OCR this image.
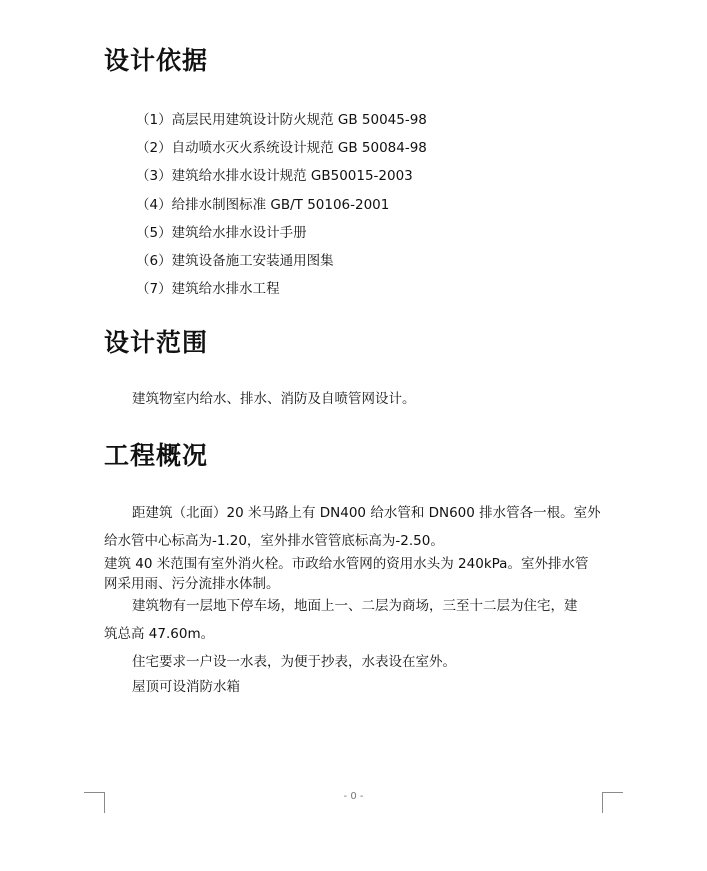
设计依据
（1）高层民用建筑设计防火规范 GB 50045-98
（2）自动喷水灭火系统设计规范 GB 50084-98
（3）建筑给水排水设计规范 GB50015-2003
（4）给排水制图标准 GB/T 50106-2001
（5）建筑给水排水设计手册
（6）建筑设备施工安装通用图集
（7）建筑给水排水工程
设计范围

建筑物室内给水、排水、消防及自喷管网设计。

工程概况

距建筑（北面）20 米马路上有 DN400 给水管和 DN600 排水管各一根。室外

给水管中心标高为-1.20，室外排水管管底标高为-2.50。

建筑 40 米范围有室外消火栓。市政给水管网的资用水头为 240kPa。室外排水管

网采用雨、污分流排水体制。

建筑物有一层地下停车场，地面上一、二层为商场，三至十二层为住宅，建

筑总高 47.60m。

住宅要求一户设一水表，为便于抄表，水表设在室外。

屋顶可设消防水箱

- 0 -
